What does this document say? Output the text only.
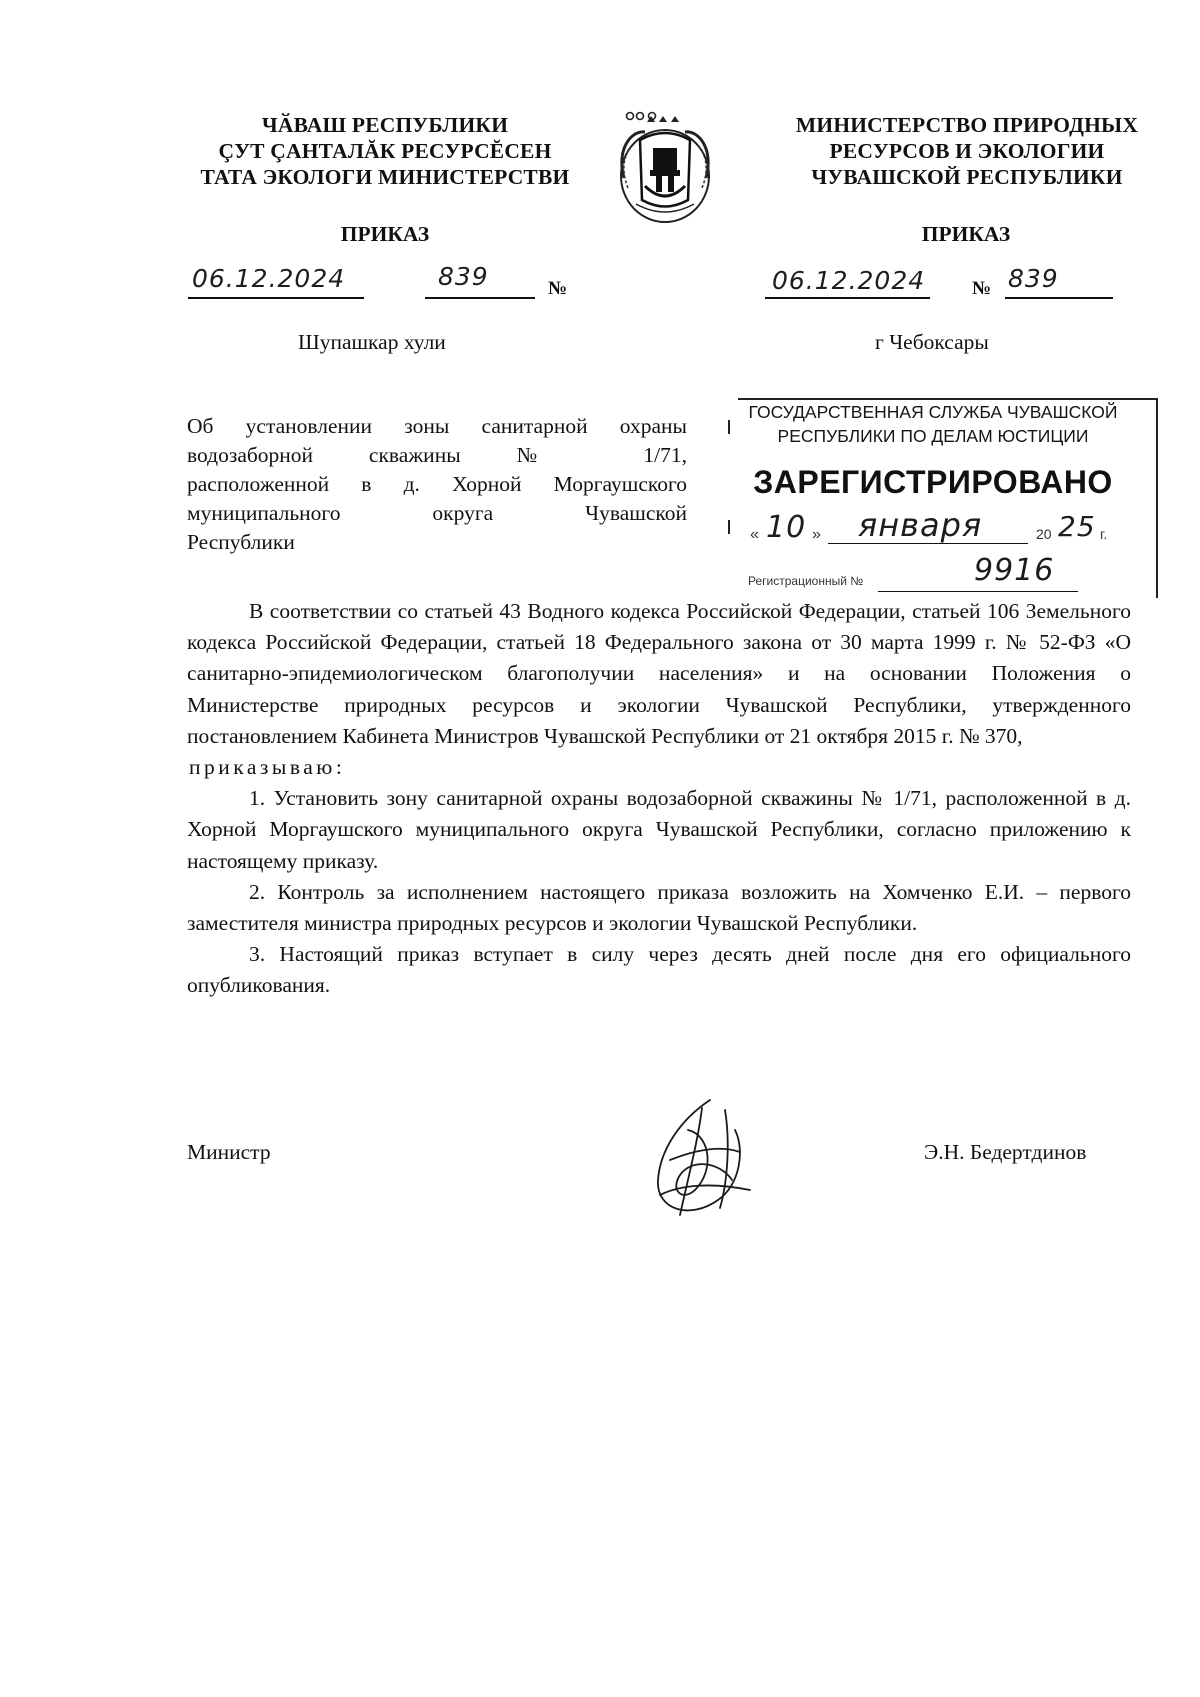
ЧӐВАШ РЕСПУБЛИКИ
ÇУТ ÇАНТАЛĂК РЕСУРСĔСЕН
ТАТА ЭКОЛОГИ МИНИСТЕРСТВИ
МИНИСТЕРСТВО ПРИРОДНЫХ
РЕСУРСОВ И ЭКОЛОГИИ
ЧУВАШСКОЙ РЕСПУБЛИКИ
ПРИКАЗ	ПРИКАЗ
06.12.2024	839	№	06.12.2024 № 839
Шупашкар хули	г Чебоксары
Об установлении зоны санитарной охраны
водозаборной скважины № 1/71,
расположенной в д. Хорной Моргаушского
муниципального округа Чувашской
Республики
ГОСУДАРСТВЕННАЯ СЛУЖБА ЧУВАШСКОЙ
РЕСПУБЛИКИ ПО ДЕЛАМ ЮСТИЦИИ
ЗАРЕГИСТРИРОВАНО
« 10 » января	20 25 г.
Регистрационный №	9916

В соответствии со статьей 43 Водного кодекса Российской Федерации, статьей 106 Земельного кодекса Российской Федерации, статьей 18 Федерального закона от 30 марта 1999 г. № 52-ФЗ «О санитарно-эпидемиологическом благополучии населения» и на основании Положения о Министерстве природных ресурсов и экологии Чувашской Республики, утвержденного постановлением Кабинета Министров Чувашской Республики от 21 октября 2015 г. № 370,

приказываю:

1. Установить зону санитарной охраны водозаборной скважины № 1/71, расположенной в д. Хорной Моргаушского муниципального округа Чувашской Республики, согласно приложению к настоящему приказу.

2. Контроль за исполнением настоящего приказа возложить на Хомченко Е.И. – первого заместителя министра природных ресурсов и экологии Чувашской Республики.

3. Настоящий приказ вступает в силу через десять дней после дня его официального опубликования.

Министр	Э.Н. Бедертдинов
